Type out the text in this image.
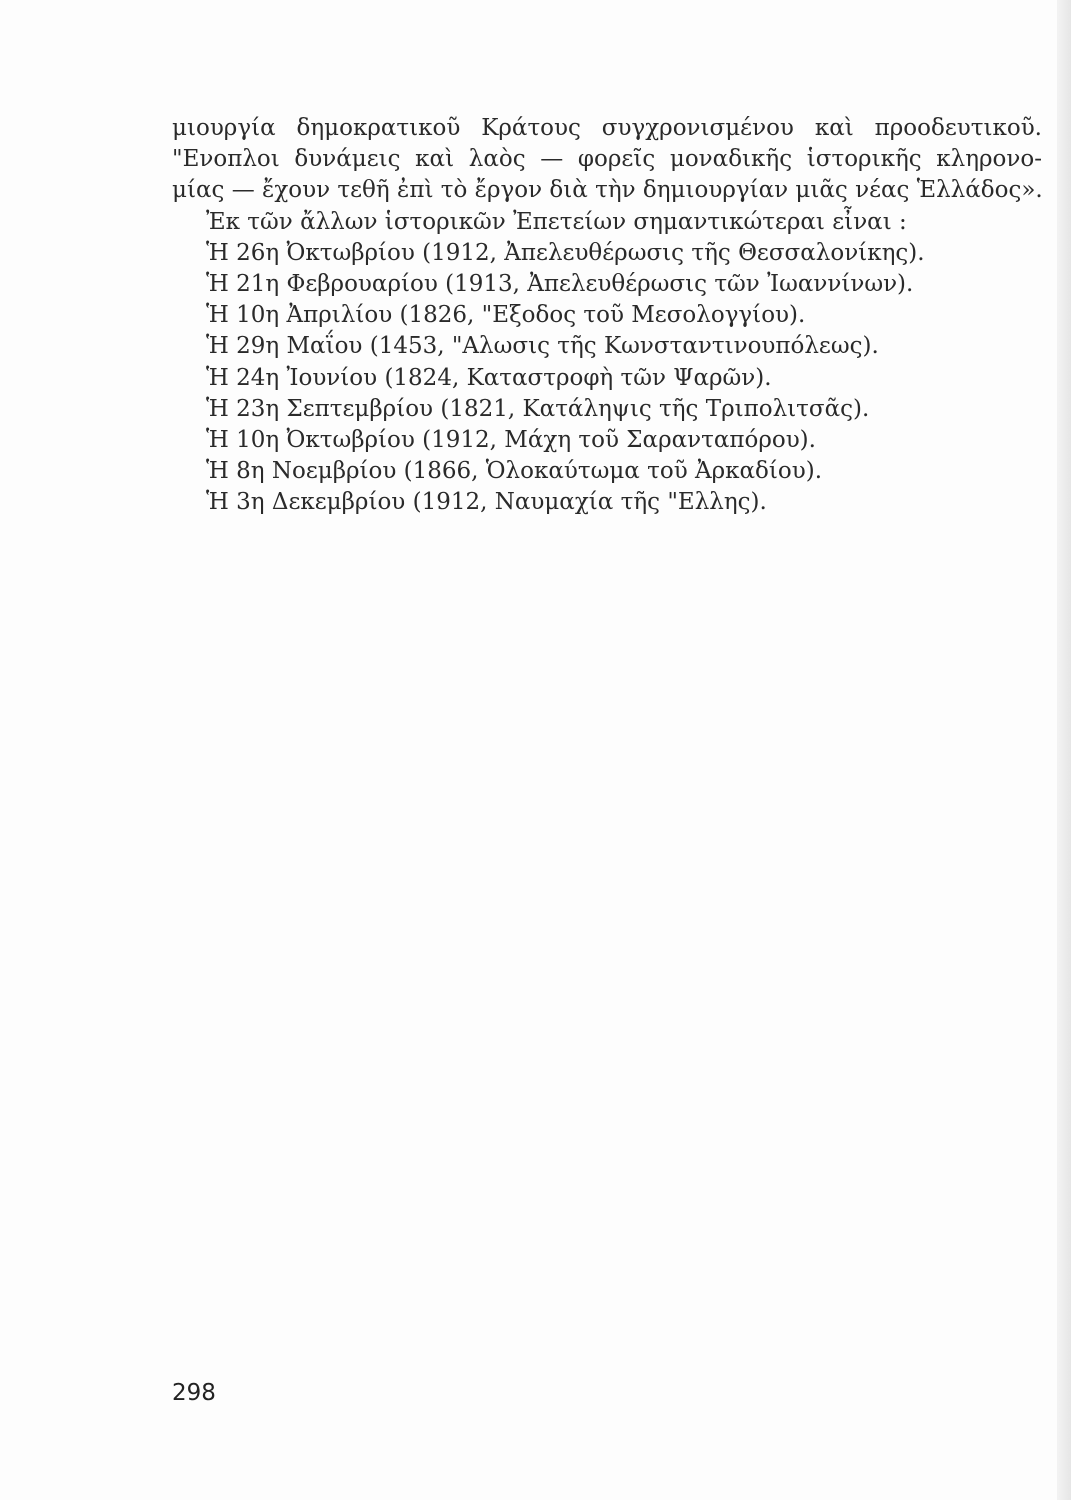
μιουργία δημοκρατικοῦ Κράτους συγχρονισμένου καὶ προοδευτικοῦ.

"Ενοπλοι δυνάμεις καὶ λαὸς — φορεῖς μοναδικῆς ἱστορικῆς κληρονο-

μίας — ἔχουν τεθῆ ἐπὶ τὸ ἔργον διὰ τὴν δημιουργίαν μιᾶς νέας Ἑλλάδος».

Ἐκ τῶν ἄλλων ἱστορικῶν Ἐπετείων σημαντικώτεραι εἶναι :

Ἡ 26η Ὀκτωβρίου (1912, Ἀπελευθέρωσις τῆς Θεσσαλονίκης).

Ἡ 21η Φεβρουαρίου (1913, Ἀπελευθέρωσις τῶν Ἰωαννίνων).

Ἡ 10η Ἀπριλίου (1826, "Εξοδος τοῦ Μεσολογγίου).

Ἡ 29η Μαΐου (1453, "Αλωσις τῆς Κωνσταντινουπόλεως).

Ἡ 24η Ἰουνίου (1824, Καταστροφὴ τῶν Ψαρῶν).

Ἡ 23η Σεπτεμβρίου (1821, Κατάληψις τῆς Τριπολιτσᾶς).

Ἡ 10η Ὀκτωβρίου (1912, Μάχη τοῦ Σαρανταπόρου).

Ἡ 8η Νοεμβρίου (1866, Ὁλοκαύτωμα τοῦ Ἀρκαδίου).

Ἡ 3η Δεκεμβρίου (1912, Ναυμαχία τῆς "Ελλης).

298
